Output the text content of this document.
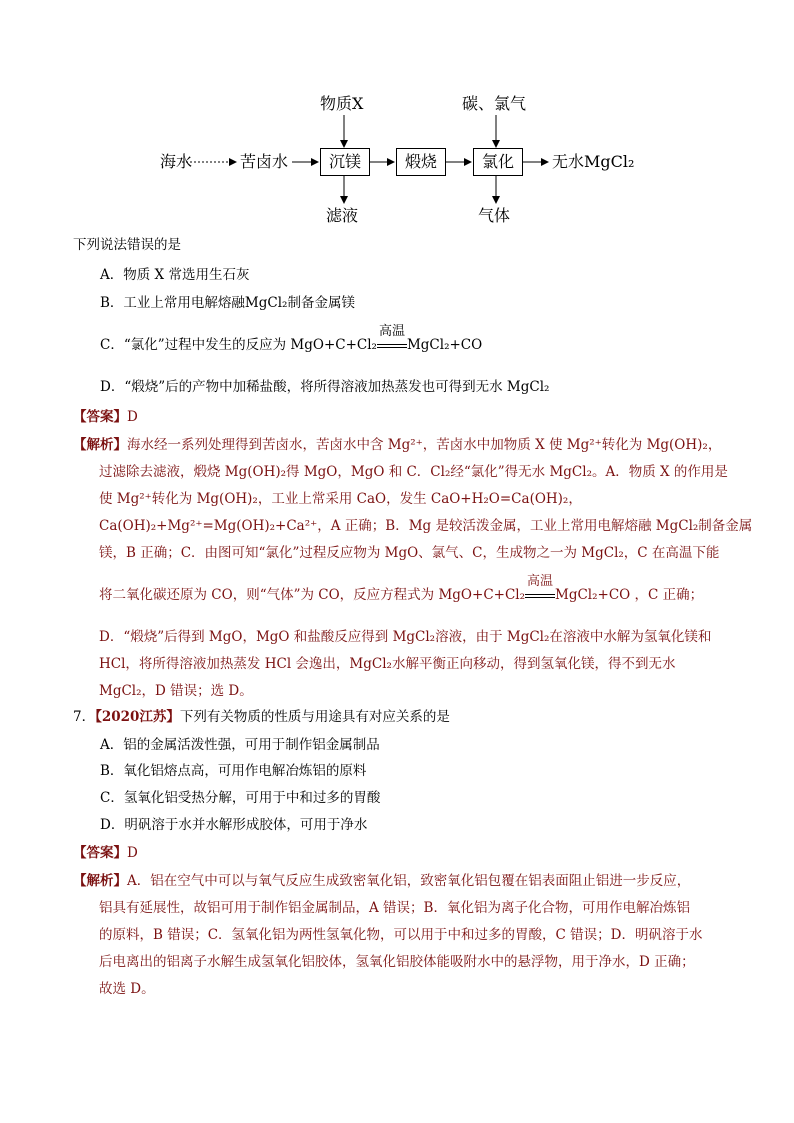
海水	苦卤水	沉镁	煅烧	氯化	无水MgCl₂
物质X	碳、氯气
滤液	气体
下列说法错误的是
A．物质 X 常选用生石灰
B．工业上常用电解熔融MgCl₂制备金属镁
C．“氯化”过程中发生的反应为 MgO+C+Cl₂
高温
MgCl₂+CO
D．“煅烧”后的产物中加稀盐酸，将所得溶液加热蒸发也可得到无水 MgCl₂
【答案】D
【解析】海水经一系列处理得到苦卤水，苦卤水中含 Mg²⁺，苦卤水中加物质 X 使 Mg²⁺转化为 Mg(OH)₂，
过滤除去滤液，煅烧 Mg(OH)₂得 MgO，MgO 和 C．Cl₂经“氯化”得无水 MgCl₂。A．物质 X 的作用是
使 Mg²⁺转化为 Mg(OH)₂，工业上常采用 CaO，发生 CaO+H₂O=Ca(OH)₂，
Ca(OH)₂+Mg²⁺=Mg(OH)₂+Ca²⁺，A 正确；B．Mg 是较活泼金属，工业上常用电解熔融 MgCl₂制备金属
镁，B 正确；C．由图可知“氯化”过程反应物为 MgO、氯气、C，生成物之一为 MgCl₂，C 在高温下能
将二氧化碳还原为 CO，则“气体”为 CO，反应方程式为 MgO+C+Cl₂
高温
MgCl₂+CO ，C 正确；
D．“煅烧”后得到 MgO，MgO 和盐酸反应得到 MgCl₂溶液，由于 MgCl₂在溶液中水解为氢氧化镁和
HCl，将所得溶液加热蒸发 HCl 会逸出，MgCl₂水解平衡正向移动，得到氢氧化镁，得不到无水
MgCl₂，D 错误；选 D。
7．【2020江苏】下列有关物质的性质与用途具有对应关系的是
A．铝的金属活泼性强，可用于制作铝金属制品
B．氧化铝熔点高，可用作电解冶炼铝的原料
C．氢氧化铝受热分解，可用于中和过多的胃酸
D．明矾溶于水并水解形成胶体，可用于净水
【答案】D
【解析】A．铝在空气中可以与氧气反应生成致密氧化铝，致密氧化铝包覆在铝表面阻止铝进一步反应，
铝具有延展性，故铝可用于制作铝金属制品，A 错误；B．氧化铝为离子化合物，可用作电解冶炼铝
的原料，B 错误；C．氢氧化铝为两性氢氧化物，可以用于中和过多的胃酸，C 错误；D．明矾溶于水
后电离出的铝离子水解生成氢氧化铝胶体，氢氧化铝胶体能吸附水中的悬浮物，用于净水，D 正确；
故选 D。
